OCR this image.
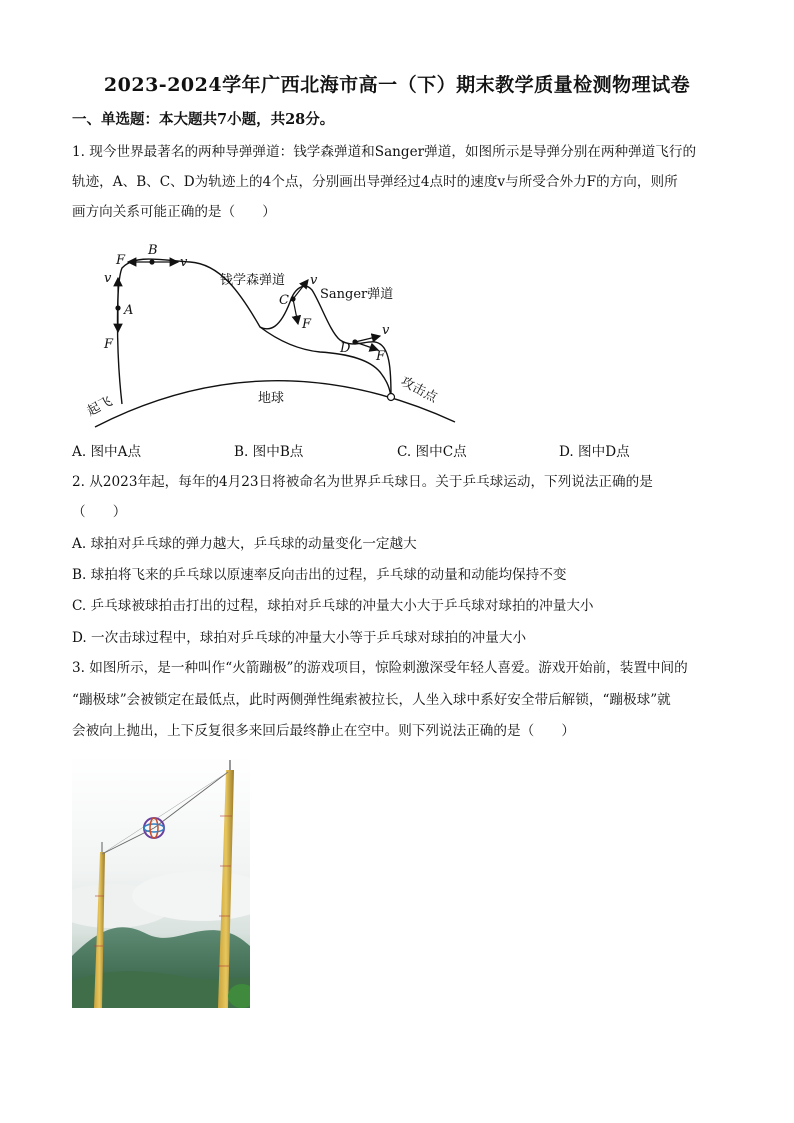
2023-2024学年广西北海市高一（下）期末教学质量检测物理试卷
一、单选题：本大题共7小题，共28分。
1. 现今世界最著名的两种导弹弹道：钱学森弹道和Sanger弹道，如图所示是导弹分别在两种弹道飞行的
轨迹，A、B、C、D为轨迹上的4个点，分别画出导弹经过4点时的速度v与所受合外力F的方向，则所
画方向关系可能正确的是（　　）
A
F
v
B
F	v
C
F
v
D
F
v
钱学森弹道
Sanger弹道
地球
起飞
攻击点
A. 图中A点	B. 图中B点	C. 图中C点	D. 图中D点
2. 从2023年起，每年的4月23日将被命名为世界乒乓球日。关于乒乓球运动，下列说法正确的是
（　　）
A. 球拍对乒乓球的弹力越大，乒乓球的动量变化一定越大
B. 球拍将飞来的乒乓球以原速率反向击出的过程，乒乓球的动量和动能均保持不变
C. 乒乓球被球拍击打出的过程，球拍对乒乓球的冲量大小大于乒乓球对球拍的冲量大小
D. 一次击球过程中，球拍对乒乓球的冲量大小等于乒乓球对球拍的冲量大小
3. 如图所示，是一种叫作“火箭蹦极”的游戏项目，惊险刺激深受年轻人喜爱。游戏开始前，装置中间的
“蹦极球”会被锁定在最低点，此时两侧弹性绳索被拉长，人坐入球中系好安全带后解锁，“蹦极球”就
会被向上抛出，上下反复很多来回后最终静止在空中。则下列说法正确的是（　　）
